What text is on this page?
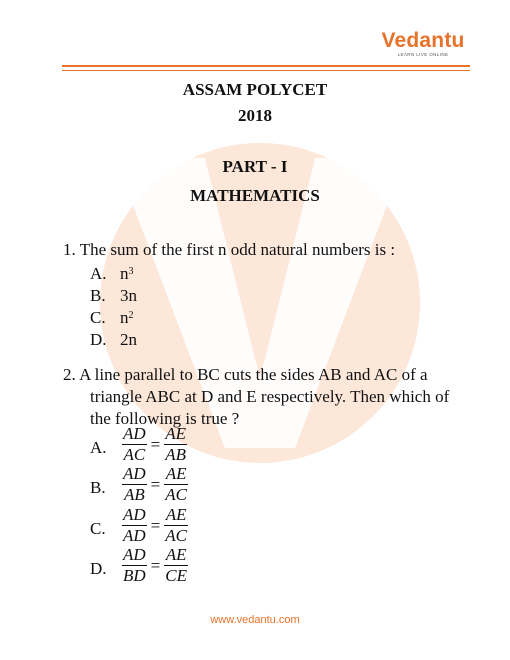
Vedantu
LEARN LIVE ONLINE
ASSAM POLYCET
2018
PART - I
MATHEMATICS
1. The sum of the first n odd natural numbers is :
A. $n^3$
B. 3n
C. $n^2$
D. 2n
2. A line parallel to BC cuts the sides AB and AC of a
triangle ABC at D and E respectively. Then which of
the following is true ?
A. $\frac{AD}{AC} = \frac{AE}{AB}$
B. $\frac{AD}{AB} = \frac{AE}{AC}$
C. $\frac{AD}{AD} = \frac{AE}{AC}$
D. $\frac{AD}{BD} = \frac{AE}{CE}$
www.vedantu.com
